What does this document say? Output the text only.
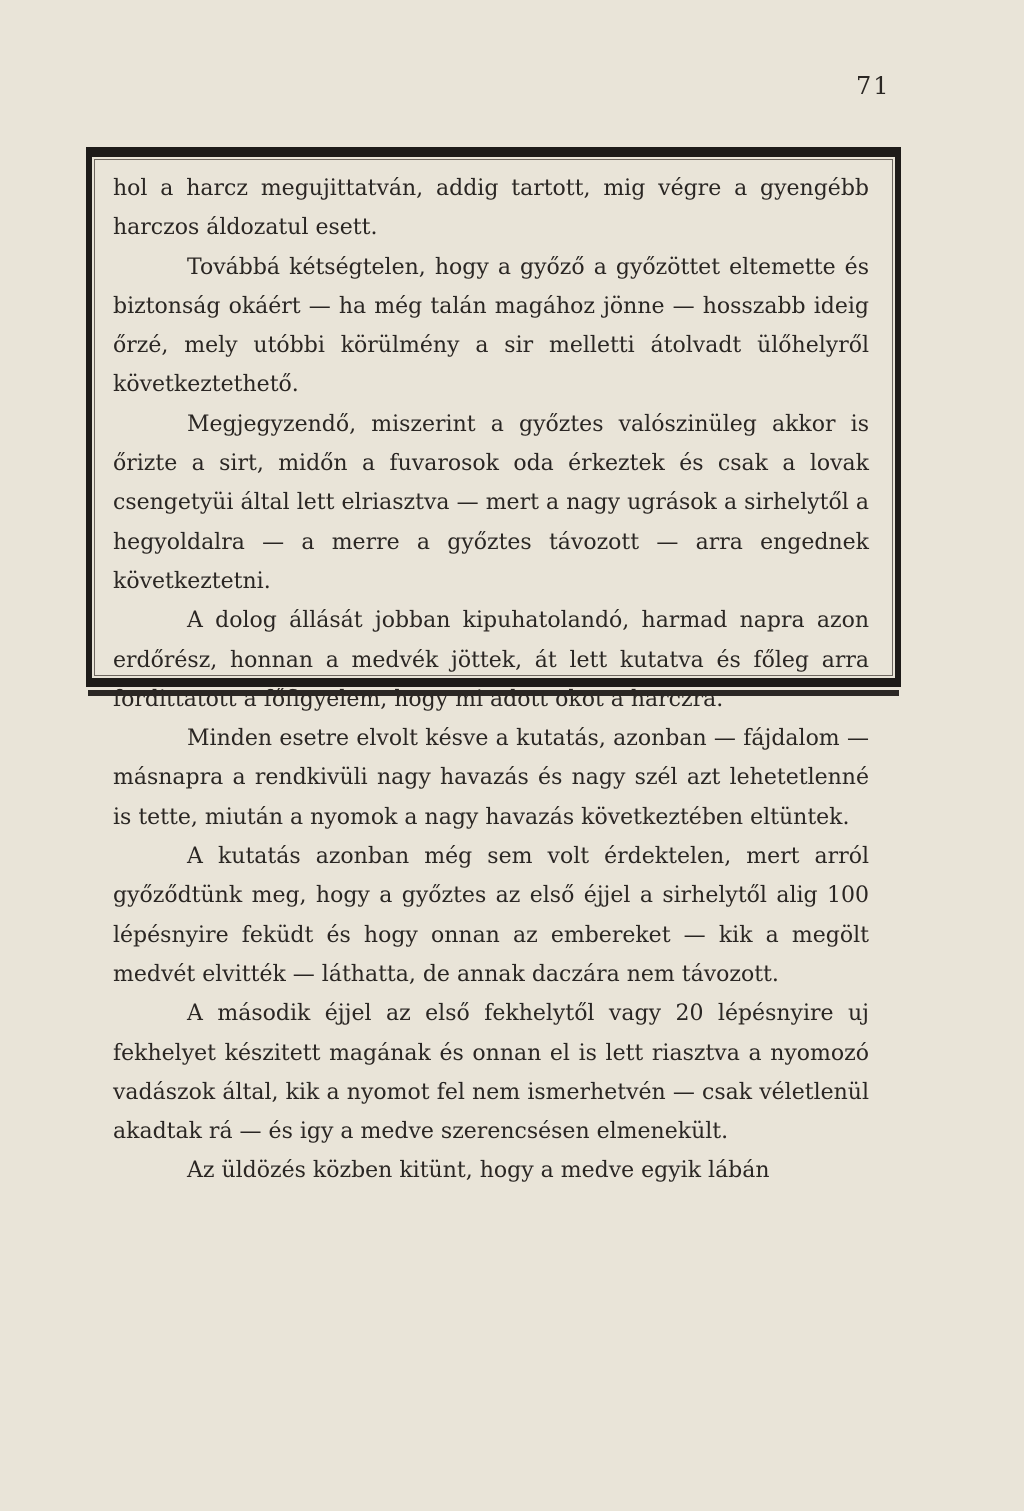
71

hol a harcz megujittatván, addig tartott, mig végre a gyengébb harczos áldozatul esett.

Továbbá kétségtelen, hogy a győző a győzöttet eltemette és biztonság okáért — ha még talán magához jönne — hosszabb ideig őrzé, mely utóbbi körülmény a sir melletti átolvadt ülőhelyről következtethető.

Megjegyzendő, miszerint a győztes valószinüleg akkor is őrizte a sirt, midőn a fuvarosok oda érkeztek és csak a lovak csengetyüi által lett elriasztva — mert a nagy ugrások a sirhelytől a hegyoldalra — a merre a győztes távozott — arra engednek következtetni.

A dolog állását jobban kipuhatolandó, harmad napra azon erdőrész, honnan a medvék jöttek, át lett kutatva és főleg arra fordittatott a főfigyelem, hogy mi adott okot a harczra.

Minden esetre elvolt késve a kutatás, azonban — fájdalom — másnapra a rendkivüli nagy havazás és nagy szél azt lehetetlenné is tette, miután a nyomok a nagy havazás következtében eltüntek.

A kutatás azonban még sem volt érdektelen, mert arról győződtünk meg, hogy a győztes az első éjjel a sirhelytől alig 100 lépésnyire feküdt és hogy onnan az embereket — kik a megölt medvét elvitték — láthatta, de annak daczára nem távozott.

A második éjjel az első fekhelytől vagy 20 lépésnyire uj fekhelyet készitett magának és onnan el is lett riasztva a nyomozó vadászok által, kik a nyomot fel nem ismerhetvén — csak véletlenül akadtak rá — és igy a medve szerencsésen elmenekült.

Az üldözés közben kitünt, hogy a medve egyik lábán
